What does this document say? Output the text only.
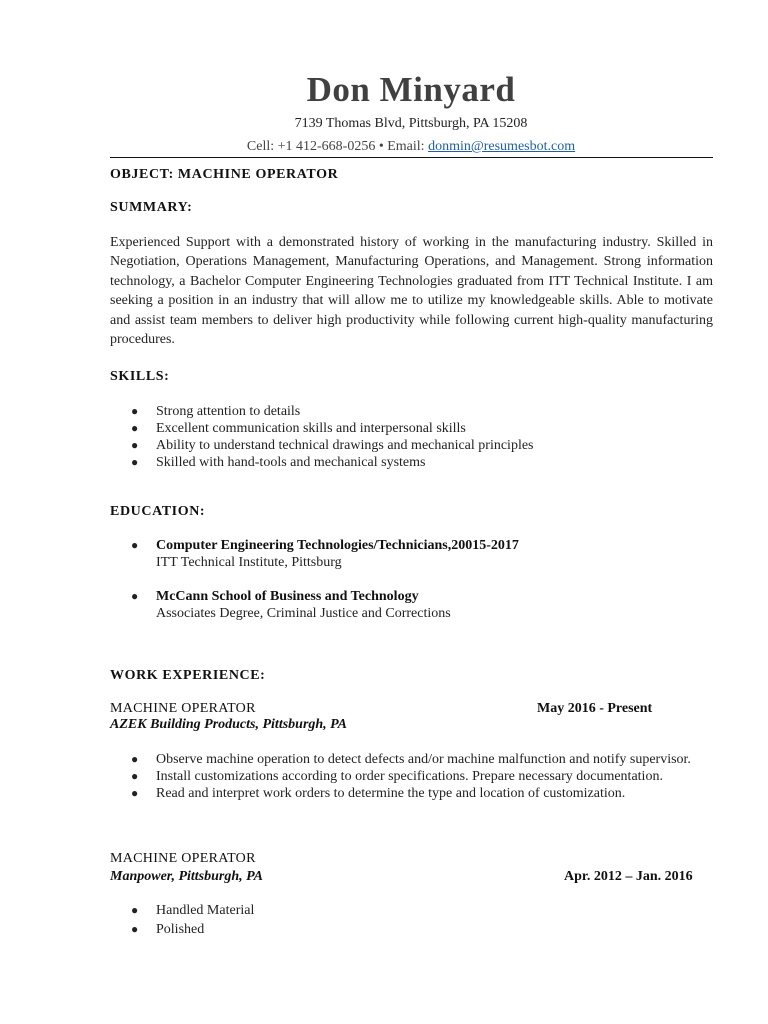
Don Minyard
7139 Thomas Blvd, Pittsburgh, PA 15208
Cell: +1 412-668-0256 • Email: donmin@resumesbot.com
OBJECT: MACHINE OPERATOR
SUMMARY:
Experienced Support with a demonstrated history of working in the manufacturing industry. Skilled in Negotiation, Operations Management, Manufacturing Operations, and Management. Strong information technology, a Bachelor Computer Engineering Technologies graduated from ITT Technical Institute. I am seeking a position in an industry that will allow me to utilize my knowledgeable skills. Able to motivate and assist team members to deliver high productivity while following current high-quality manufacturing procedures.
SKILLS:
● Strong attention to details
● Excellent communication skills and interpersonal skills
● Ability to understand technical drawings and mechanical principles
● Skilled with hand-tools and mechanical systems
EDUCATION:
●	Computer Engineering Technologies/Technicians,20015-2017
ITT Technical Institute, Pittsburg
●	McCann School of Business and Technology
Associates Degree, Criminal Justice and Corrections
WORK EXPERIENCE:
MACHINE OPERATOR	May 2016 - Present
AZEK Building Products, Pittsburgh, PA
● Observe machine operation to detect defects and/or machine malfunction and notify supervisor.
● Install customizations according to order specifications. Prepare necessary documentation.
● Read and interpret work orders to determine the type and location of customization.
MACHINE OPERATOR
Manpower, Pittsburgh, PA	Apr. 2012 – Jan. 2016
● Handled Material
● Polished
